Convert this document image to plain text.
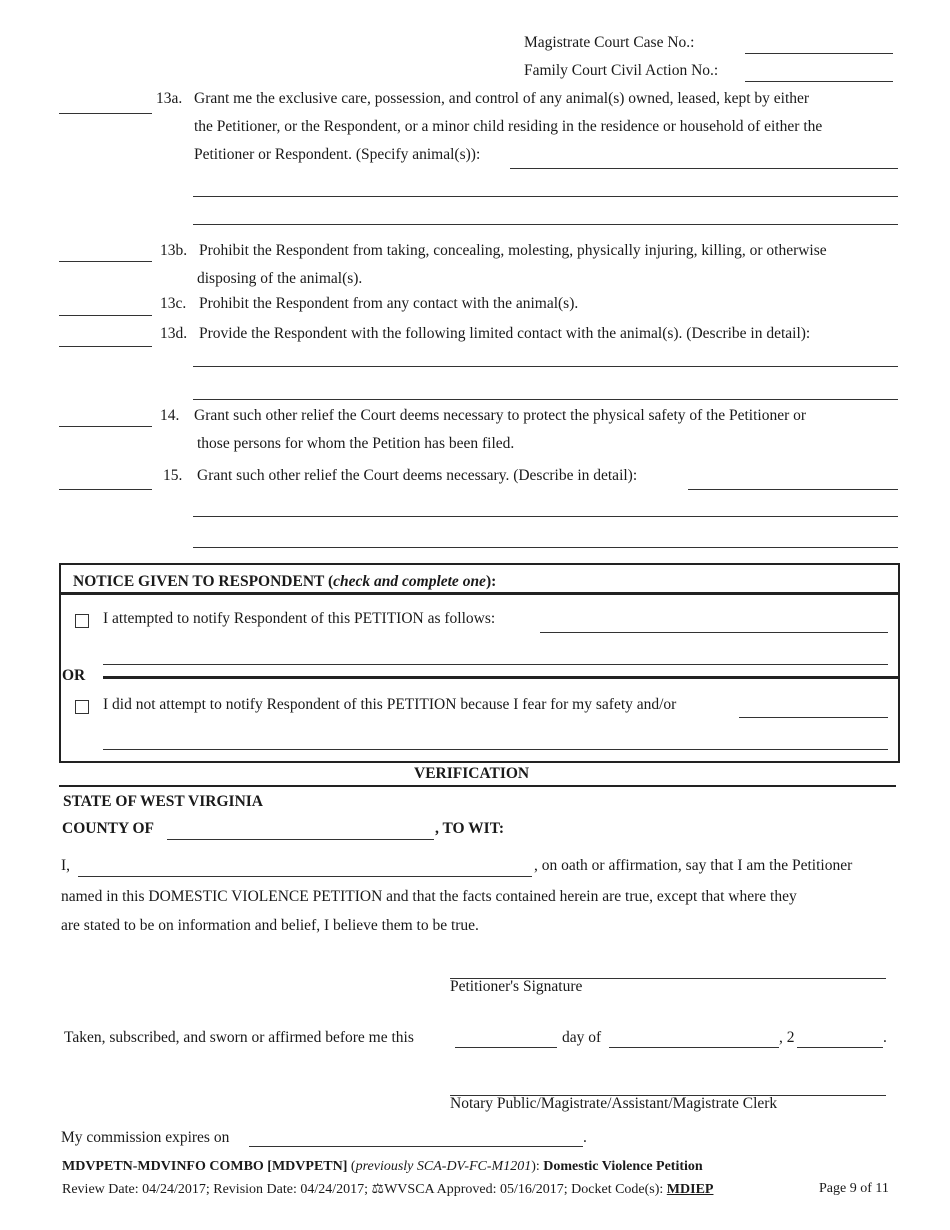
Magistrate Court Case No.:
Family Court Civil Action No.:
13a. Grant me the exclusive care, possession, and control of any animal(s) owned, leased, kept by either
the Petitioner, or the Respondent, or a minor child residing in the residence or household of either the
Petitioner or Respondent. (Specify animal(s)):
13b. Prohibit the Respondent from taking, concealing, molesting, physically injuring, killing, or otherwise
disposing of the animal(s).
13c. Prohibit the Respondent from any contact with the animal(s).
13d. Provide the Respondent with the following limited contact with the animal(s). (Describe in detail):
14. Grant such other relief the Court deems necessary to protect the physical safety of the Petitioner or
those persons for whom the Petition has been filed.
15. Grant such other relief the Court deems necessary. (Describe in detail):
NOTICE GIVEN TO RESPONDENT (check and complete one):
I attempted to notify Respondent of this PETITION as follows:
OR
I did not attempt to notify Respondent of this PETITION because I fear for my safety and/or
VERIFICATION
STATE OF WEST VIRGINIA
COUNTY OF	, TO WIT:
I,	, on oath or affirmation, say that I am the Petitioner
named in this DOMESTIC VIOLENCE PETITION and that the facts contained herein are true, except that where they
are stated to be on information and belief, I believe them to be true.
Petitioner's Signature
Taken, subscribed, and sworn or affirmed before me this	day of	, 2	.
Notary Public/Magistrate/Assistant/Magistrate Clerk
My commission expires on	.
MDVPETN-MDVINFO COMBO [MDVPETN] (previously SCA-DV-FC-M1201): Domestic Violence Petition
Review Date: 04/24/2017; Revision Date: 04/24/2017; ⚖WVSCA Approved: 05/16/2017; Docket Code(s): MDIEP	Page 9 of 11
